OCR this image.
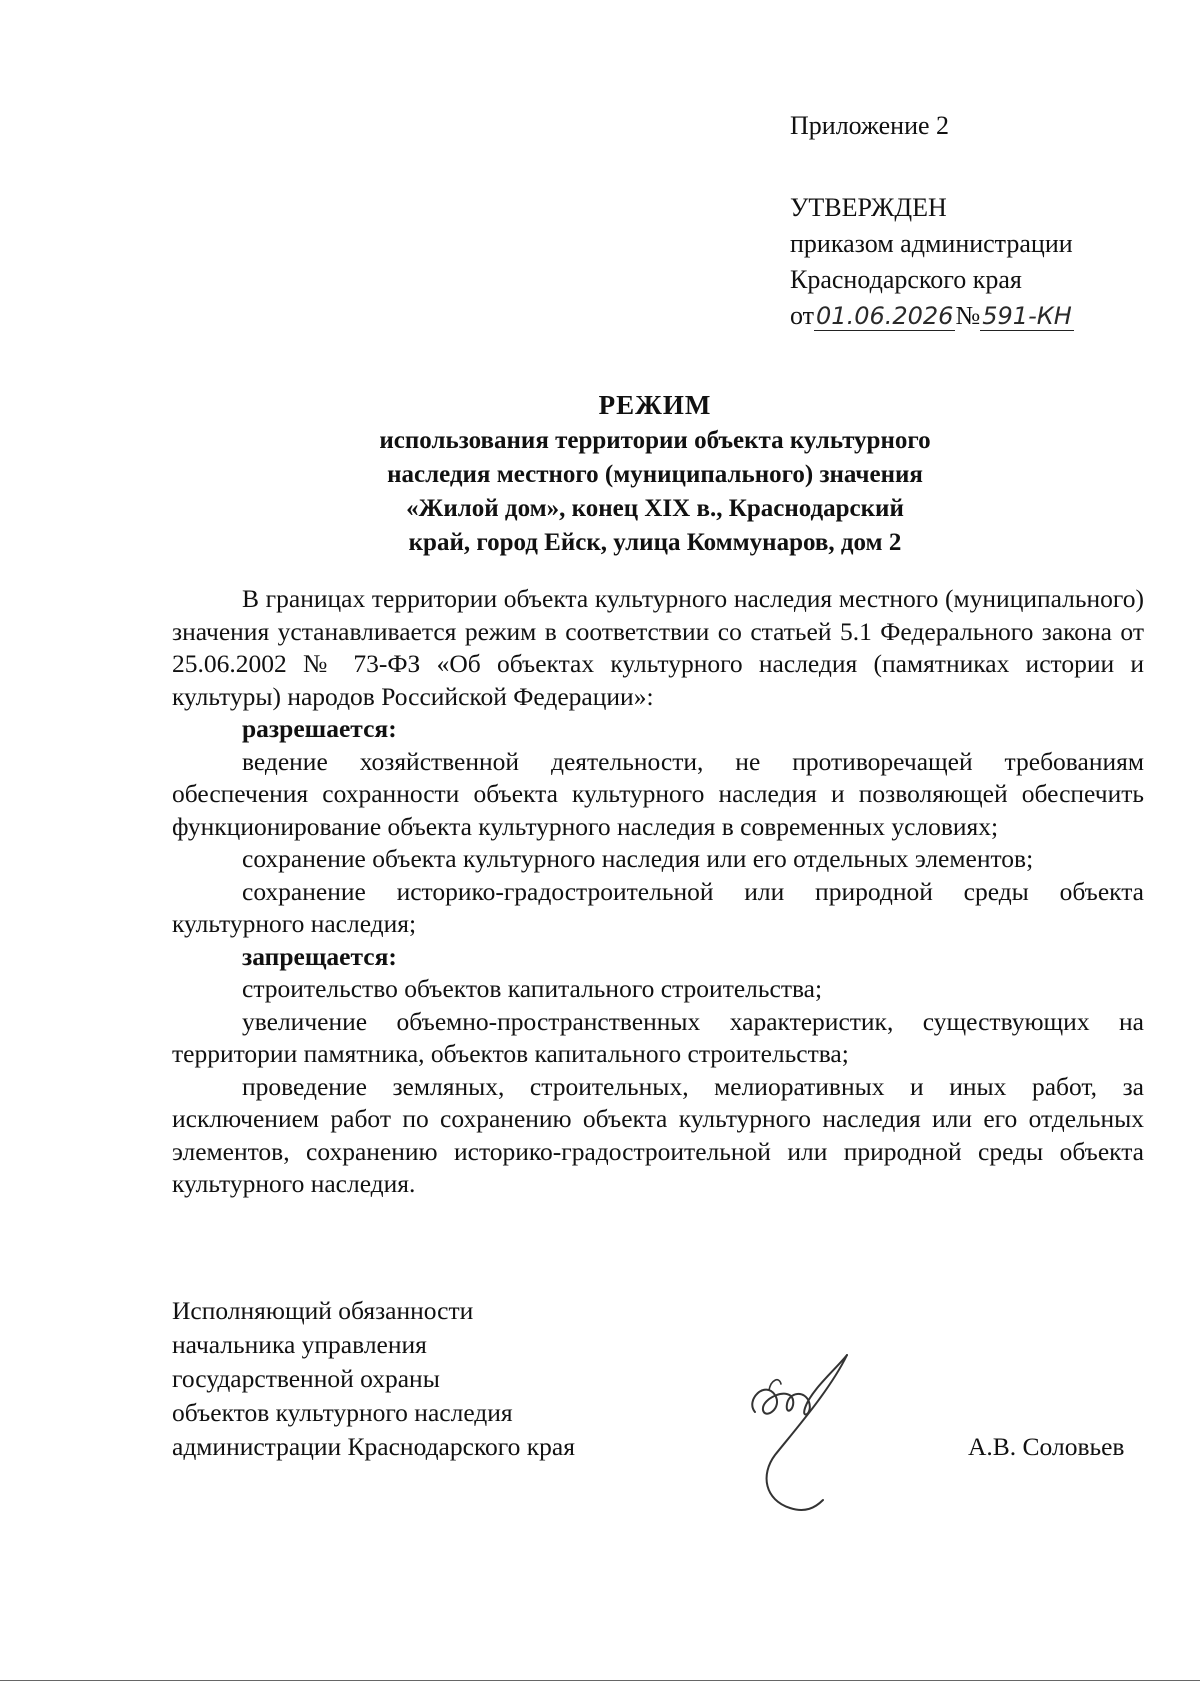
Приложение 2
УТВЕРЖДЕН
приказом администрации
Краснодарского края
от01.06.2026№591-КН
РЕЖИМ
использования территории объекта культурного
наследия местного (муниципального) значения
«Жилой дом», конец XIX в., Краснодарский
край, город Ейск, улица Коммунаров, дом 2

В границах территории объекта культурного наследия местного (муниципального) значения устанавливается режим в соответствии со статьей 5.1 Федерального закона от 25.06.2002 № 73-ФЗ «Об объектах культурного наследия (памятниках истории и культуры) народов Российской Федерации»:

разрешается:

ведение хозяйственной деятельности, не противоречащей требованиям обеспечения сохранности объекта культурного наследия и позволяющей обеспечить функционирование объекта культурного наследия в современных условиях;

сохранение объекта культурного наследия или его отдельных элементов;

сохранение историко-градостроительной или природной среды объекта культурного наследия;

запрещается:

строительство объектов капитального строительства;

увеличение объемно-пространственных характеристик, существующих на территории памятника, объектов капитального строительства;

проведение земляных, строительных, мелиоративных и иных работ, за исключением работ по сохранению объекта культурного наследия или его отдельных элементов, сохранению историко-градостроительной или природной среды объекта культурного наследия.

Исполняющий обязанности
начальника управления
государственной охраны
объектов культурного наследия
администрации Краснодарского края	А.В. Соловьев
